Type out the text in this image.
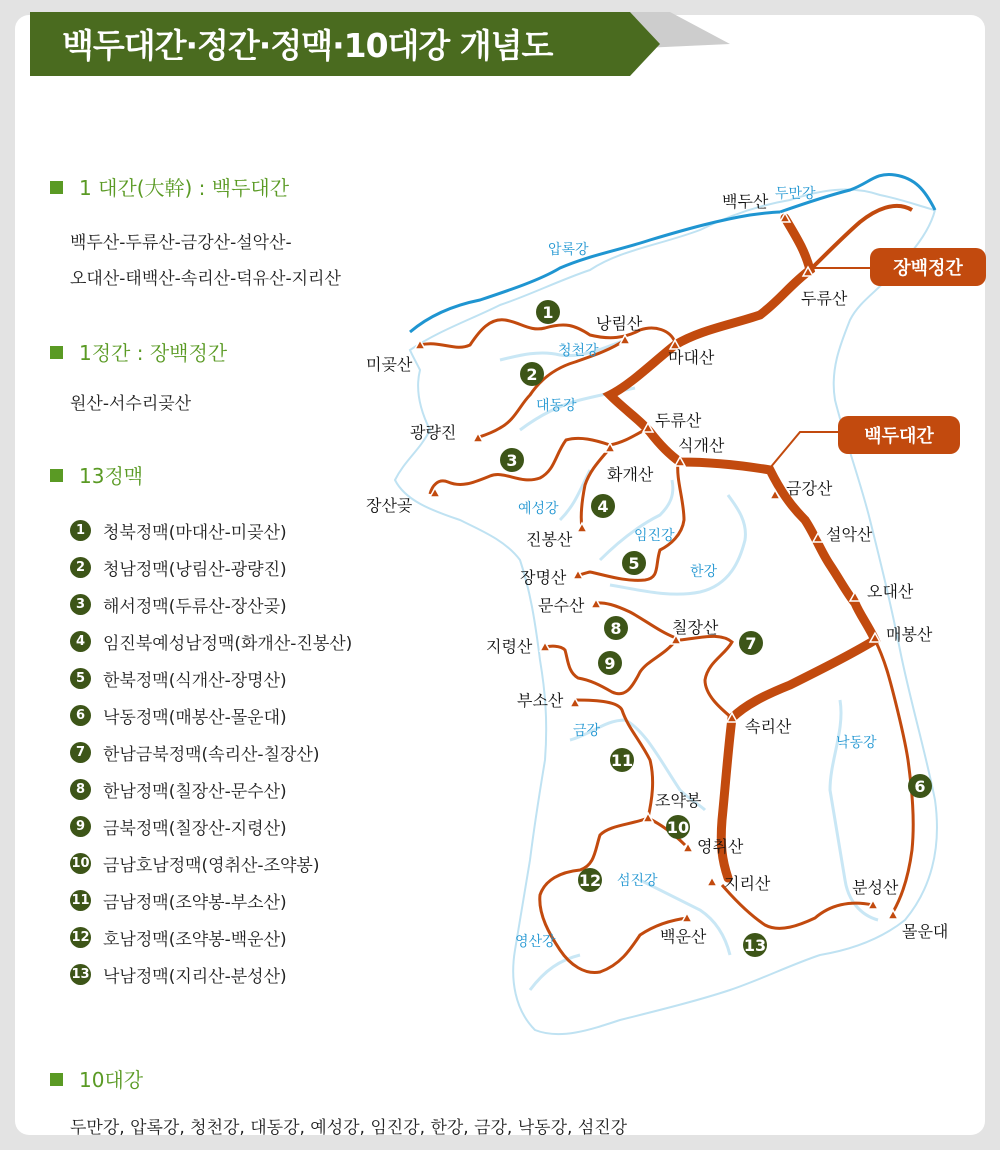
백두대간·정간·정맥·10대강 개념도
1 대간(大幹) : 백두대간
백두산-두류산-금강산-설악산-
오대산-태백산-속리산-덕유산-지리산
1정간 : 장백정간
원산-서수리곶산
13정맥
1	청북정맥(마대산-미곶산)
2	청남정맥(낭림산-광량진)
3	해서정맥(두류산-장산곶)
4	임진북예성남정맥(화개산-진봉산)
5	한북정맥(식개산-장명산)
6	낙동정맥(매봉산-몰운대)
7	한남금북정맥(속리산-칠장산)
8	한남정맥(칠장산-문수산)
9	금북정맥(칠장산-지령산)
10 금남호남정맥(영취산-조약봉)
11 금남정맥(조약봉-부소산)
12 호남정맥(조약봉-백운산)
13 낙남정맥(지리산-분성산)
10대강
두만강, 압록강, 청천강, 대동강, 예성강, 임진강, 한강, 금강, 낙동강, 섬진강
장백정간
백두대간
백두산
두류산
낭림산
마대산
미곶산
광량진
두류산
식개산
화개산
장산곶
진봉산
장명산
문수산
금강산
설악산
오대산
매봉산
칠장산
지령산
부소산
속리산
조약봉
영취산
지리산	분성산
몰운대
백운산
두만강
압록강
청천강
대동강
예성강
임진강
한강
금강
낙동강
섬진강
영산강
1
2
3
4
5
6
7
8
9
10
11
12
13
